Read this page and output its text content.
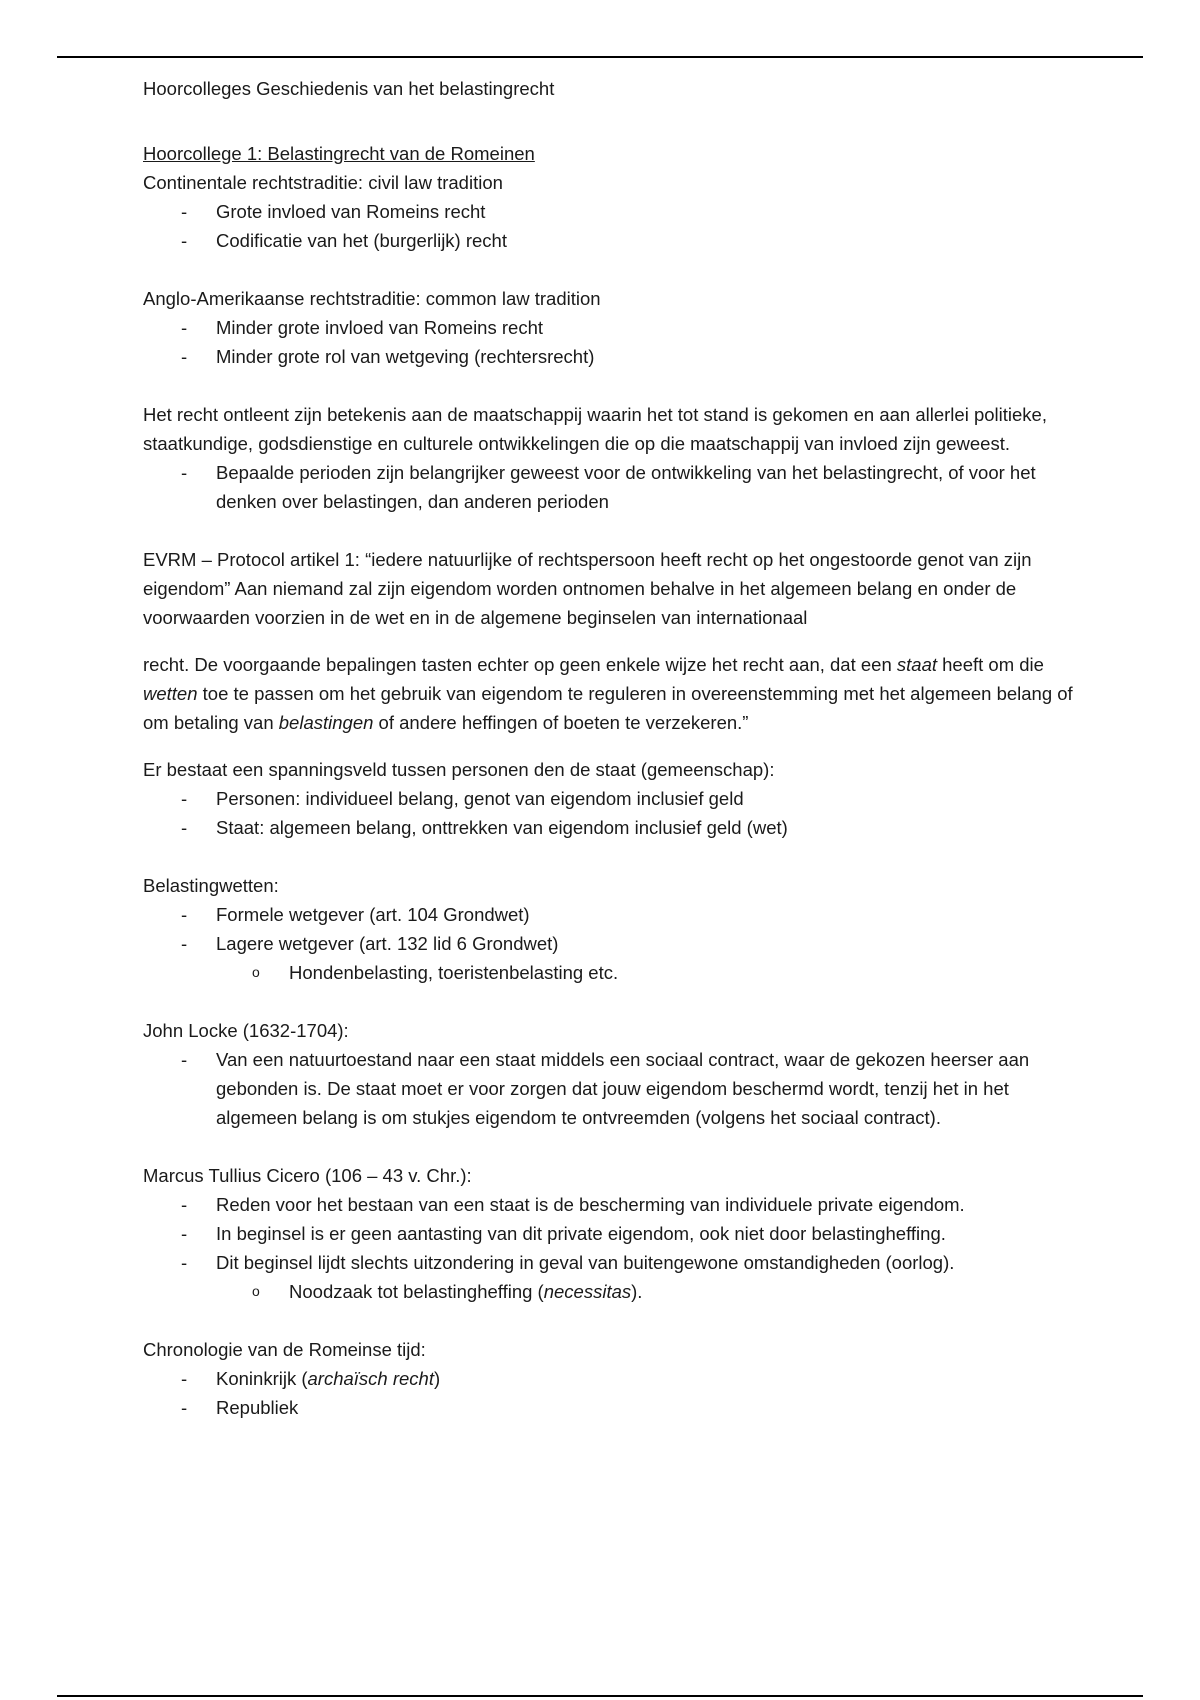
Hoorcolleges Geschiedenis van het belastingrecht

Hoorcollege 1: Belastingrecht van de Romeinen

Continentale rechtstraditie: civil law tradition

- Grote invloed van Romeins recht
- Codificatie van het (burgerlijk) recht

Anglo-Amerikaanse rechtstraditie: common law tradition

- Minder grote invloed van Romeins recht
- Minder grote rol van wetgeving (rechtersrecht)

Het recht ontleent zijn betekenis aan de maatschappij waarin het tot stand is gekomen en aan allerlei politieke, staatkundige, godsdienstige en culturele ontwikkelingen die op die maatschappij van invloed zijn geweest.

- Bepaalde perioden zijn belangrijker geweest voor de ontwikkeling van het belastingrecht, of voor het denken over belastingen, dan anderen perioden

EVRM – Protocol artikel 1: “iedere natuurlijke of rechtspersoon heeft recht op het ongestoorde genot van zijn eigendom” Aan niemand zal zijn eigendom worden ontnomen behalve in het algemeen belang en onder de voorwaarden voorzien in de wet en in de algemene beginselen van internationaal

recht. De voorgaande bepalingen tasten echter op geen enkele wijze het recht aan, dat een staat heeft om die wetten toe te passen om het gebruik van eigendom te reguleren in overeenstemming met het algemeen belang of om betaling van belastingen of andere heffingen of boeten te verzekeren.”

Er bestaat een spanningsveld tussen personen den de staat (gemeenschap):

- Personen: individueel belang, genot van eigendom inclusief geld
- Staat: algemeen belang, onttrekken van eigendom inclusief geld (wet)

Belastingwetten:

- Formele wetgever (art. 104 Grondwet)
- Lagere wetgever (art. 132 lid 6 Grondwet)
o Hondenbelasting, toeristenbelasting etc.

John Locke (1632-1704):

- Van een natuurtoestand naar een staat middels een sociaal contract, waar de gekozen heerser aan gebonden is. De staat moet er voor zorgen dat jouw eigendom beschermd wordt, tenzij het in het algemeen belang is om stukjes eigendom te ontvreemden (volgens het sociaal contract).

Marcus Tullius Cicero (106 – 43 v. Chr.):

- Reden voor het bestaan van een staat is de bescherming van individuele private eigendom.
- In beginsel is er geen aantasting van dit private eigendom, ook niet door belastingheffing.
- Dit beginsel lijdt slechts uitzondering in geval van buitengewone omstandigheden (oorlog).
o Noodzaak tot belastingheffing (necessitas).

Chronologie van de Romeinse tijd:

- Koninkrijk (archaïsch recht)
- Republiek
